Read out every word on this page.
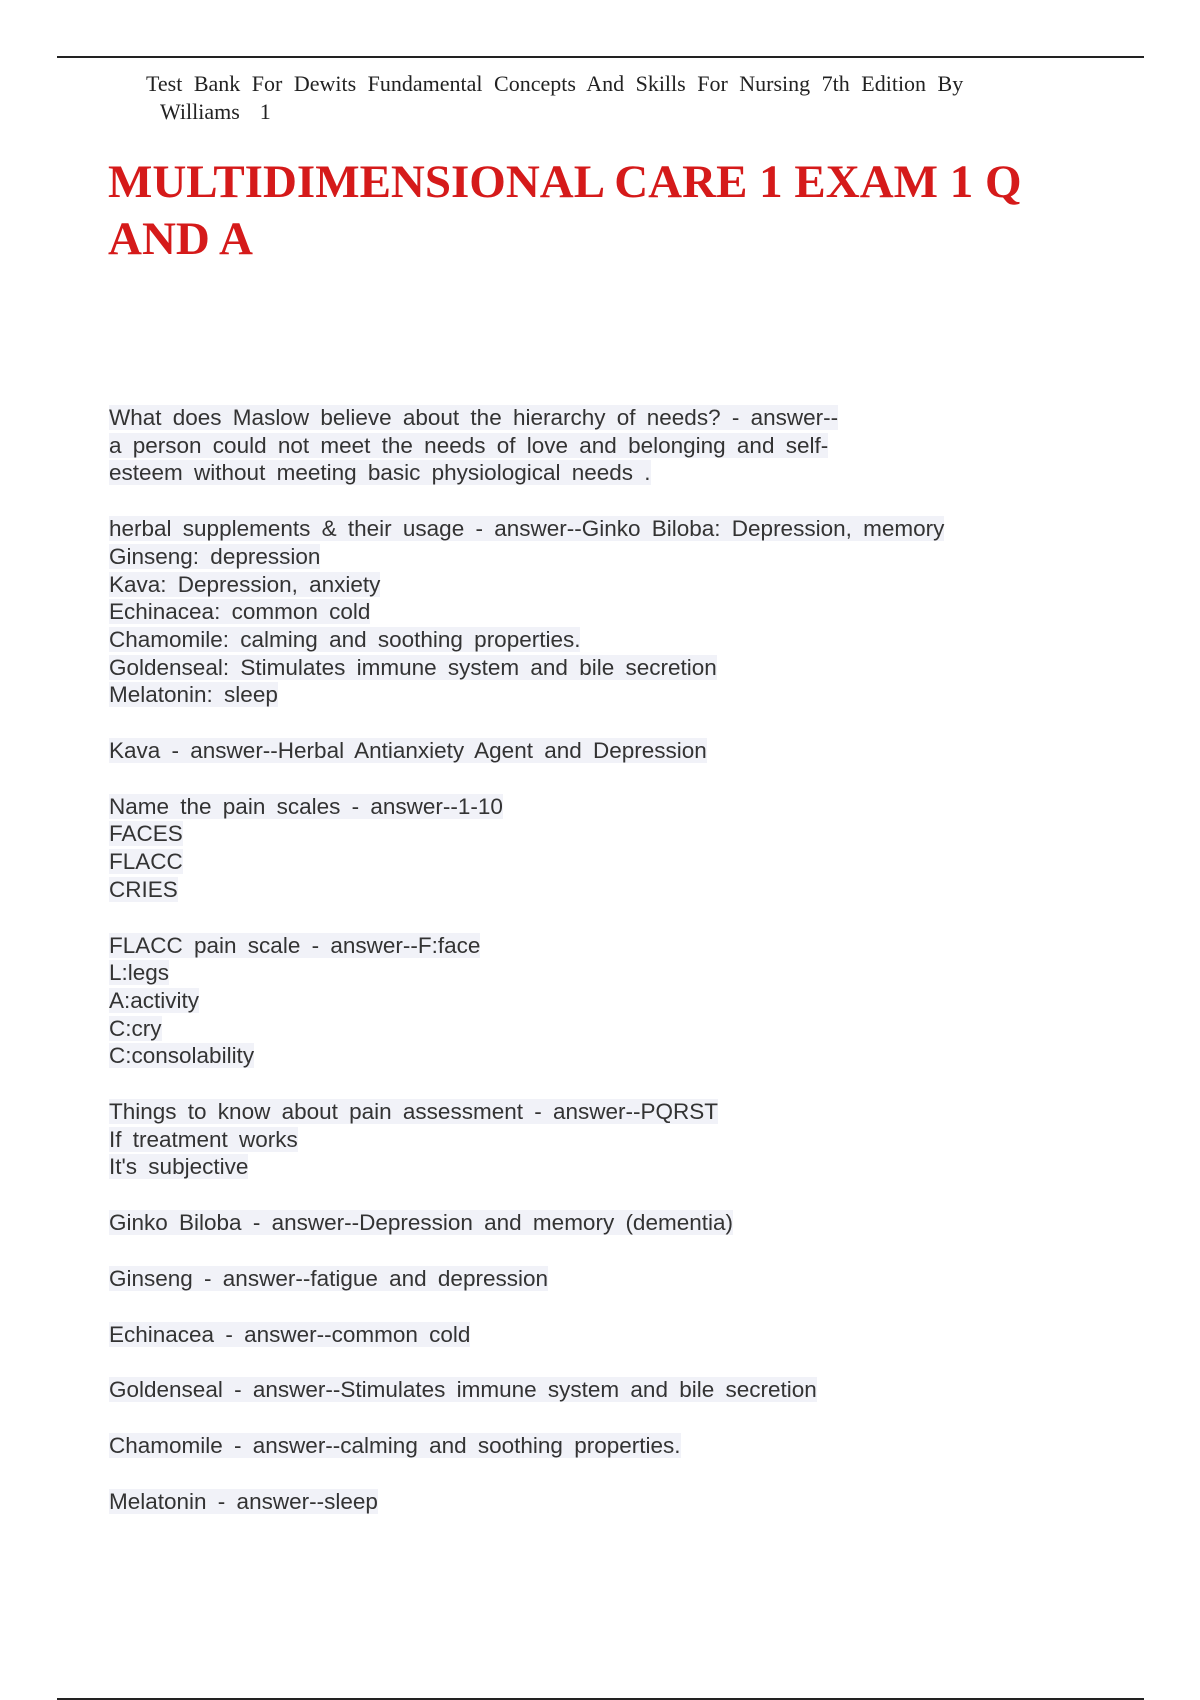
Test Bank For Dewits Fundamental Concepts And Skills For Nursing 7th Edition By
Williams 1
MULTIDIMENSIONAL CARE 1 EXAM 1 Q
AND A
What does Maslow believe about the hierarchy of needs? - answer--
a person could not meet the needs of love and belonging and self-
esteem without meeting basic physiological needs .
herbal supplements & their usage - answer--Ginko Biloba: Depression, memory
Ginseng: depression
Kava: Depression, anxiety
Echinacea: common cold
Chamomile: calming and soothing properties.
Goldenseal: Stimulates immune system and bile secretion
Melatonin: sleep
Kava - answer--Herbal Antianxiety Agent and Depression
Name the pain scales - answer--1-10
FACES
FLACC
CRIES
FLACC pain scale - answer--F:face
L:legs
A:activity
C:cry
C:consolability
Things to know about pain assessment - answer--PQRST
If treatment works
It's subjective
Ginko Biloba - answer--Depression and memory (dementia)
Ginseng - answer--fatigue and depression
Echinacea - answer--common cold
Goldenseal - answer--Stimulates immune system and bile secretion
Chamomile - answer--calming and soothing properties.
Melatonin - answer--sleep
